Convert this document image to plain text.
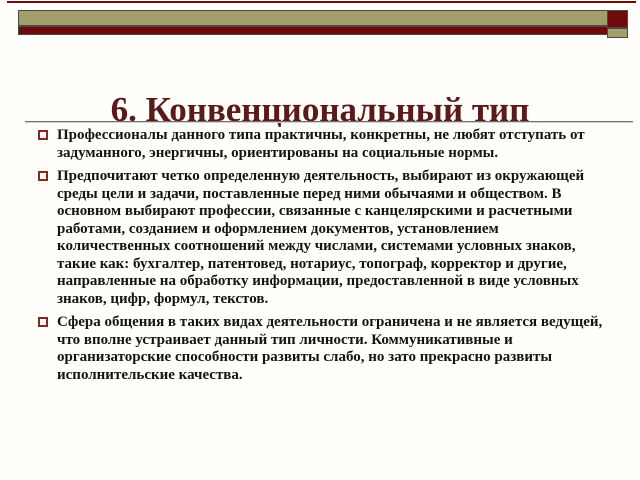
6. Конвенциональный тип
Профессионалы данного типа практичны, конкретны, не любят отступать от задуманного, энергичны, ориентированы на социальные нормы.
Предпочитают четко определенную деятельность, выбирают из окружающей среды цели и задачи, поставленные перед ними обычаями и обществом. В основном выбирают профессии, связанные с канцелярскими и расчетными работами, созданием и оформлением документов, установлением количественных соотношений между числами, системами условных знаков, такие как: бухгалтер, патентовед, нотариус, топограф, корректор и другие, направленные на обработку информации, предоставленной в виде условных знаков, цифр, формул, текстов.
Сфера общения в таких видах деятельности ограничена и не является ведущей, что вполне устраивает данный тип личности. Коммуникативные и организаторские способности развиты слабо, но зато прекрасно развиты исполнительские качества.
